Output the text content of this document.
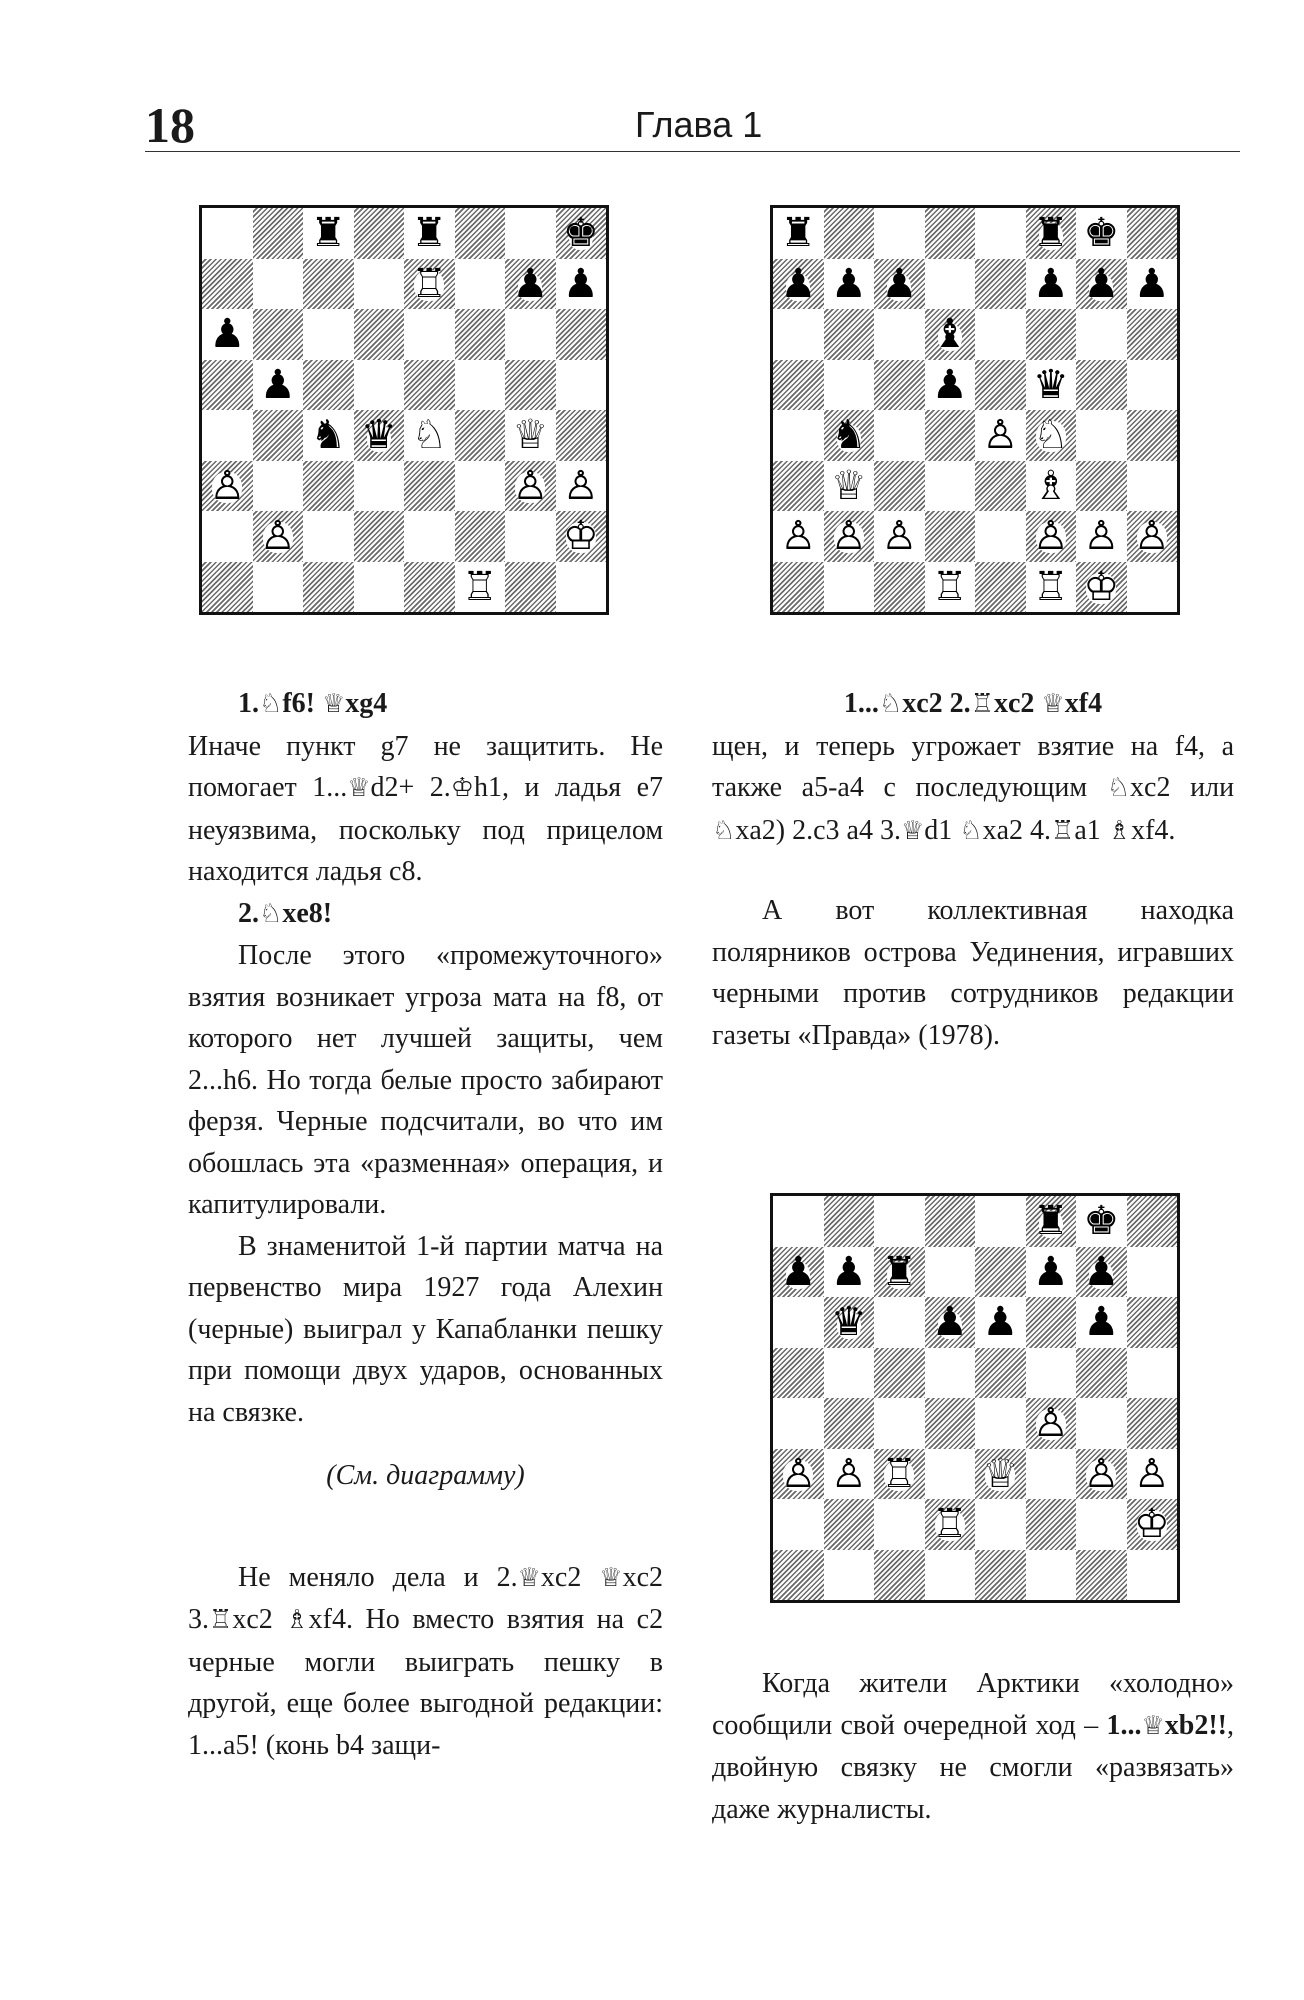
18	Глава 1
♜ ♜	♚
♖ ♟ ♟
♟
♟
♞ ♛ ♘ ♕
♙	♙ ♙
♙	♔
♖
♜	♜ ♚
♟ ♟ ♟	♟ ♟ ♟
♝
♟ ♛
♞	♙ ♘
♕	♗
♙ ♙ ♙	♙ ♙ ♙
♖ ♖ ♔
♜ ♚
♟ ♟ ♜	♟ ♟
♛ ♟ ♟ ♟
♙
♙ ♙ ♖ ♕ ♙ ♙
♖	♔

1.♘f6! ♕xg4

Иначе пункт g7 не защитить. Не помогает 1...♕d2+ 2.♔h1, и ладья e7 неуязвима, поскольку под прицелом находится ладья c8.

2.♘xe8!

После этого «промежуточного» взятия возникает угроза мата на f8, от которого нет лучшей защиты, чем 2...h6. Но тогда белые просто забирают ферзя. Черные подсчитали, во что им обошлась эта «разменная» операция, и капитулировали.

В знаменитой 1-й партии матча на первенство мира 1927 года Алехин (черные) выиграл у Капабланки пешку при помощи двух ударов, основанных на связке.

(См. диаграмму)

Не меняло дела и 2.♕xc2 ♕xc2 3.♖xc2 ♗xf4. Но вместо взятия на c2 черные могли выиграть пешку в другой, еще более выгодной редакции: 1...a5! (конь b4 защи-

1...♘xc2 2.♖xc2 ♕xf4

щен, и теперь угрожает взятие на f4, а также a5-a4 с последующим ♘xc2 или ♘xa2) 2.c3 a4 3.♕d1 ♘xa2 4.♖a1 ♗xf4.

А вот коллективная находка полярников острова Уединения, игравших черными против сотрудников редакции газеты «Правда» (1978).

Когда жители Арктики «холодно» сообщили свой очередной ход – 1...♕xb2!!, двойную связку не смогли «развязать» даже журналисты.
